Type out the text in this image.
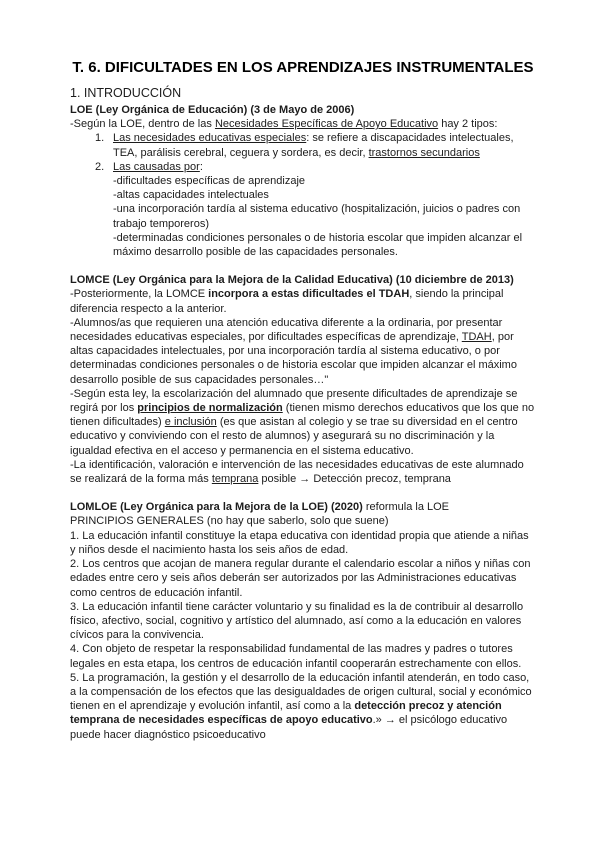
T. 6. DIFICULTADES EN LOS APRENDIZAJES INSTRUMENTALES
1. INTRODUCCIÓN

LOE (Ley Orgánica de Educación) (3 de Mayo de 2006)

-Según la LOE, dentro de las Necesidades Específicas de Apoyo Educativo hay 2 tipos:

1. Las necesidades educativas especiales: se refiere a discapacidades intelectuales, TEA, parálisis cerebral, ceguera y sordera, es decir, trastornos secundarios
2. Las causadas por:
-dificultades específicas de aprendizaje
-altas capacidades intelectuales
-una incorporación tardía al sistema educativo (hospitalización, juicios o padres con trabajo temporeros)
-determinadas condiciones personales o de historia escolar que impiden alcanzar el máximo desarrollo posible de las capacidades personales.

LOMCE (Ley Orgánica para la Mejora de la Calidad Educativa) (10 diciembre de 2013)

-Posteriormente, la LOMCE incorpora a estas dificultades el TDAH, siendo la principal diferencia respecto a la anterior.

-Alumnos/as que requieren una atención educativa diferente a la ordinaria, por presentar necesidades educativas especiales, por dificultades específicas de aprendizaje, TDAH, por altas capacidades intelectuales, por una incorporación tardía al sistema educativo, o por determinadas condiciones personales o de historia escolar que impiden alcanzar el máximo desarrollo posible de sus capacidades personales…"

-Según esta ley, la escolarización del alumnado que presente dificultades de aprendizaje se regirá por los principios de normalización (tienen mismo derechos educativos que los que no tienen dificultades) e inclusión (es que asistan al colegio y se trae su diversidad en el centro educativo y conviviendo con el resto de alumnos) y asegurará su no discriminación y la igualdad efectiva en el acceso y permanencia en el sistema educativo.

-La identificación, valoración e intervención de las necesidades educativas de este alumnado se realizará de la forma más temprana posible → Detección precoz, temprana

LOMLOE (Ley Orgánica para la Mejora de la LOE) (2020) reformula la LOE

PRINCIPIOS GENERALES (no hay que saberlo, solo que suene)

1. La educación infantil constituye la etapa educativa con identidad propia que atiende a niñas y niños desde el nacimiento hasta los seis años de edad.

2. Los centros que acojan de manera regular durante el calendario escolar a niños y niñas con edades entre cero y seis años deberán ser autorizados por las Administraciones educativas como centros de educación infantil.

3. La educación infantil tiene carácter voluntario y su finalidad es la de contribuir al desarrollo físico, afectivo, social, cognitivo y artístico del alumnado, así como a la educación en valores cívicos para la convivencia.

4. Con objeto de respetar la responsabilidad fundamental de las madres y padres o tutores legales en esta etapa, los centros de educación infantil cooperarán estrechamente con ellos.

5. La programación, la gestión y el desarrollo de la educación infantil atenderán, en todo caso, a la compensación de los efectos que las desigualdades de origen cultural, social y económico tienen en el aprendizaje y evolución infantil, así como a la detección precoz y atención temprana de necesidades específicas de apoyo educativo.» → el psicólogo educativo puede hacer diagnóstico psicoeducativo
